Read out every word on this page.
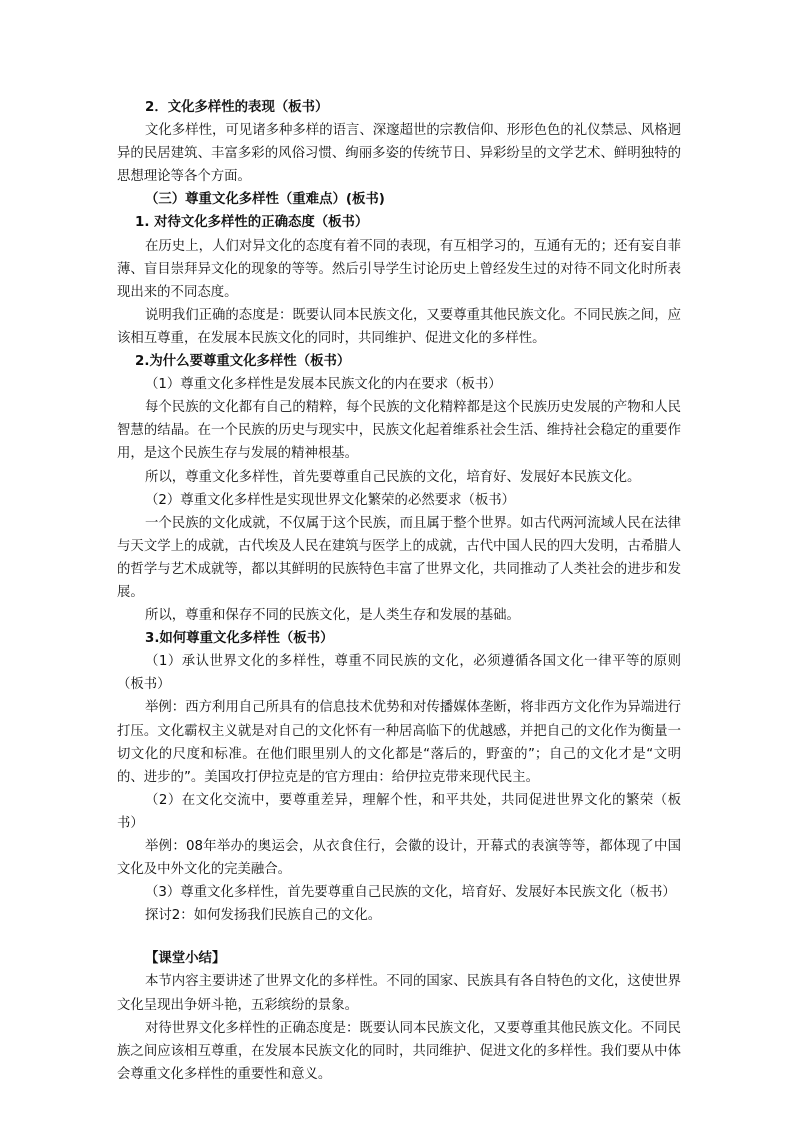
2．文化多样性的表现（板书）

文化多样性，可见诸多种多样的语言、深邃超世的宗教信仰、形形色色的礼仪禁忌、风格迥异的民居建筑、丰富多彩的风俗习惯、绚丽多姿的传统节日、异彩纷呈的文学艺术、鲜明独特的思想理论等各个方面。

（三）尊重文化多样性（重难点）(板书)

1. 对待文化多样性的正确态度（板书）

在历史上，人们对异文化的态度有着不同的表现，有互相学习的，互通有无的；还有妄自菲薄、盲目崇拜异文化的现象的等等。然后引导学生讨论历史上曾经发生过的对待不同文化时所表现出来的不同态度。

说明我们正确的态度是：既要认同本民族文化，又要尊重其他民族文化。不同民族之间，应该相互尊重，在发展本民族文化的同时，共同维护、促进文化的多样性。

2.为什么要尊重文化多样性（板书）

（1）尊重文化多样性是发展本民族文化的内在要求（板书）

每个民族的文化都有自己的精粹，每个民族的文化精粹都是这个民族历史发展的产物和人民智慧的结晶。在一个民族的历史与现实中，民族文化起着维系社会生活、维持社会稳定的重要作用，是这个民族生存与发展的精神根基。

所以，尊重文化多样性，首先要尊重自己民族的文化，培育好、发展好本民族文化。

（2）尊重文化多样性是实现世界文化繁荣的必然要求（板书）

一个民族的文化成就，不仅属于这个民族，而且属于整个世界。如古代两河流域人民在法律与天文学上的成就，古代埃及人民在建筑与医学上的成就，古代中国人民的四大发明，古希腊人的哲学与艺术成就等，都以其鲜明的民族特色丰富了世界文化，共同推动了人类社会的进步和发展。

所以，尊重和保存不同的民族文化，是人类生存和发展的基础。

3.如何尊重文化多样性（板书）

（1）承认世界文化的多样性，尊重不同民族的文化，必须遵循各国文化一律平等的原则（板书）

举例：西方利用自己所具有的信息技术优势和对传播媒体垄断，将非西方文化作为异端进行打压。文化霸权主义就是对自己的文化怀有一种居高临下的优越感，并把自己的文化作为衡量一切文化的尺度和标准。在他们眼里别人的文化都是“落后的，野蛮的”；自己的文化才是“文明的、进步的”。美国攻打伊拉克是的官方理由：给伊拉克带来现代民主。

（2）在文化交流中，要尊重差异，理解个性，和平共处，共同促进世界文化的繁荣（板书）

举例：08年举办的奥运会，从衣食住行，会徽的设计，开幕式的表演等等，都体现了中国文化及中外文化的完美融合。

（3）尊重文化多样性，首先要尊重自己民族的文化，培育好、发展好本民族文化（板书）

探讨2：如何发扬我们民族自己的文化。

【课堂小结】

本节内容主要讲述了世界文化的多样性。不同的国家、民族具有各自特色的文化，这使世界文化呈现出争妍斗艳，五彩缤纷的景象。

对待世界文化多样性的正确态度是：既要认同本民族文化，又要尊重其他民族文化。不同民族之间应该相互尊重，在发展本民族文化的同时，共同维护、促进文化的多样性。我们要从中体会尊重文化多样性的重要性和意义。
